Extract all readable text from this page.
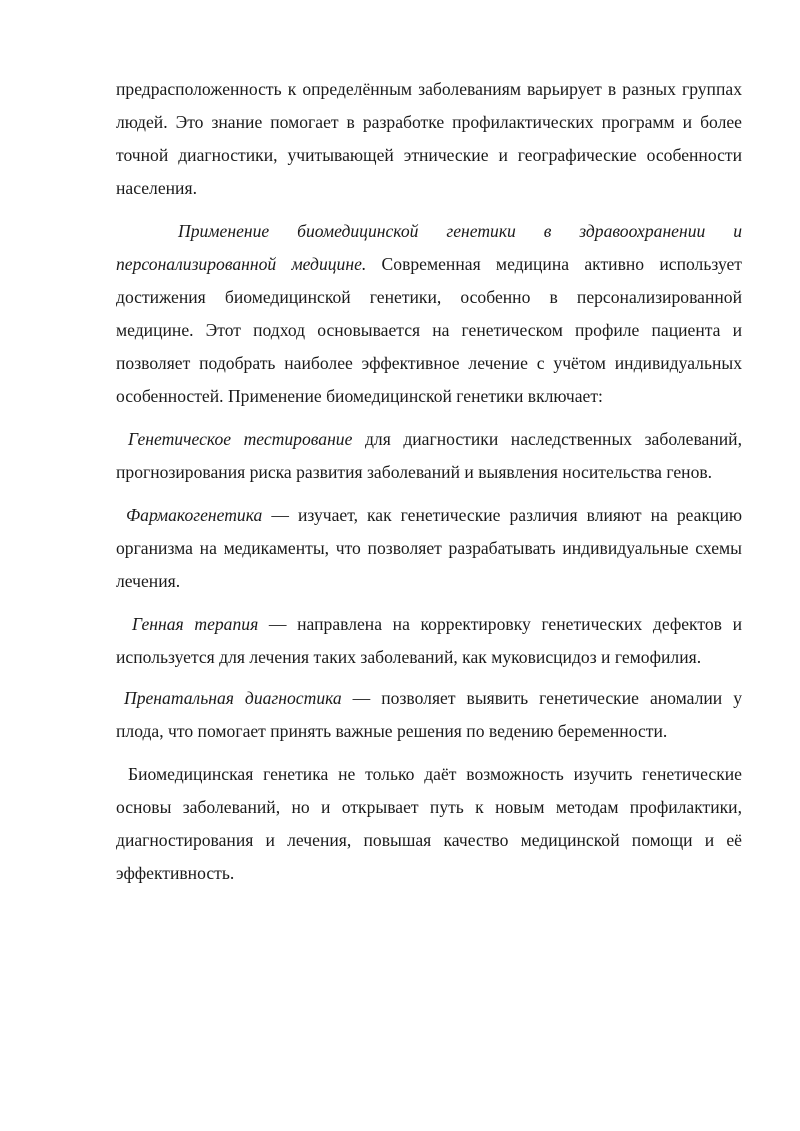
предрасположенность к определённым заболеваниям варьирует в разных группах людей. Это знание помогает в разработке профилактических программ и более точной диагностики, учитывающей этнические и географические особенности населения.

Применение биомедицинской генетики в здравоохранении и персонализированной медицине. Современная медицина активно использует достижения биомедицинской генетики, особенно в персонализированной медицине. Этот подход основывается на генетическом профиле пациента и позволяет подобрать наиболее эффективное лечение с учётом индивидуальных особенностей. Применение биомедицинской генетики включает:

Генетическое тестирование для диагностики наследственных заболеваний, прогнозирования риска развития заболеваний и выявления носительства генов.

Фармакогенетика — изучает, как генетические различия влияют на реакцию организма на медикаменты, что позволяет разрабатывать индивидуальные схемы лечения.

Генная терапия — направлена на корректировку генетических дефектов и используется для лечения таких заболеваний, как муковисцидоз и гемофилия.

Пренатальная диагностика — позволяет выявить генетические аномалии у плода, что помогает принять важные решения по ведению беременности.

Биомедицинская генетика не только даёт возможность изучить генетические основы заболеваний, но и открывает путь к новым методам профилактики, диагностирования и лечения, повышая качество медицинской помощи и её эффективность.
